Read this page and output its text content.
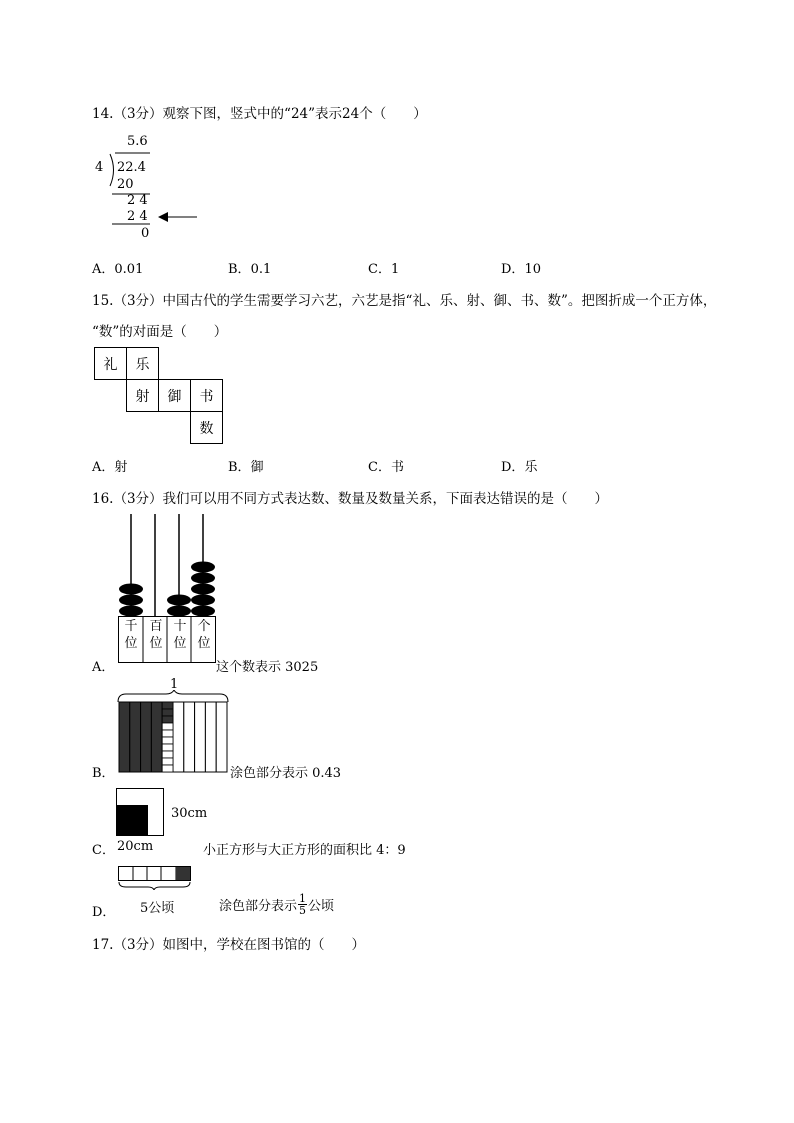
14.（3分）观察下图，竖式中的“24”表示24个（　　）
5.6
4 22.4
20
2 4
2 4
0
A．0.01	B．0.1	C．1	D．10
15.（3分）中国古代的学生需要学习六艺，六艺是指“礼、乐、射、御、书、数”。把图折成一个正方体，
“数”的对面是（　　）
礼	乐
射	御	书
数
A．射	B．御	C．书	D．乐
16.（3分）我们可以用不同方式表达数、数量及数量关系，下面表达错误的是（　　）
A．
千位
百位
十位
个位
这个数表示 3025
1
B．	涂色部分表示 0.43
30cm
C． 20cm	小正方形与大正方形的面积比 4：9
D． 5公顷	涂色部分表示 $\frac{1}{5}$ 公顷
17.（3分）如图中，学校在图书馆的（　　）
